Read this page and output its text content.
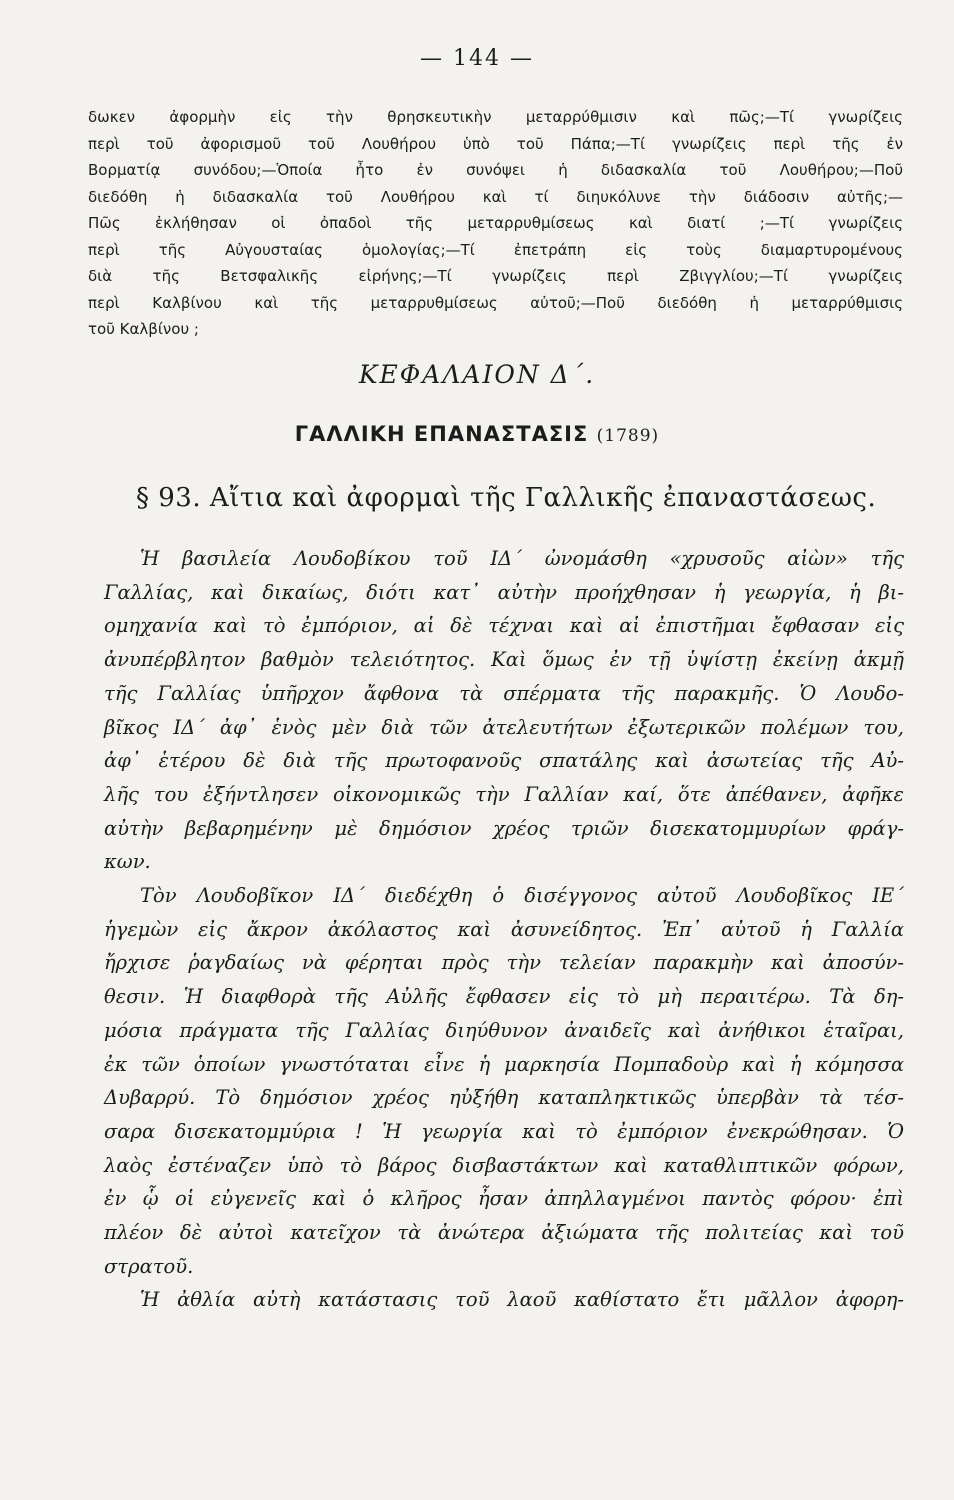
— 144 —
δωκεν ἀφορμὴν εἰς τὴν θρησκευτικὴν μεταρρύθμισιν καὶ πῶς;—Τί γνωρίζεις
περὶ τοῦ ἀφορισμοῦ τοῦ Λουθήρου ὑπὸ τοῦ Πάπα;—Τί γνωρίζεις περὶ τῆς ἐν
Βορματίᾳ συνόδου;—Ὁποία ἦτο ἐν συνόψει ἡ διδασκαλία τοῦ Λουθήρου;—Ποῦ
διεδόθη ἡ διδασκαλία τοῦ Λουθήρου καὶ τί διηυκόλυνε τὴν διάδοσιν αὐτῆς;—
Πῶς ἐκλήθησαν οἱ ὀπαδοὶ τῆς μεταρρυθμίσεως καὶ διατί ;—Τί γνωρίζεις
περὶ τῆς Αὐγουσταίας ὁμολογίας;—Τί ἐπετράπη εἰς τοὺς διαμαρτυρομένους
διὰ τῆς Βετσφαλικῆς εἰρήνης;—Τί γνωρίζεις περὶ Ζβιγγλίου;—Τί γνωρίζεις
περὶ Καλβίνου καὶ τῆς μεταρρυθμίσεως αὐτοῦ;—Ποῦ διεδόθη ἡ μεταρρύθμισις
τοῦ Καλβίνου ;
ΚΕΦΑΛΑΙΟΝ Δ΄.
ΓΑΛΛΙΚΗ ΕΠΑΝΑΣΤΑΣΙΣ (1789)
§ 93. Αἴτια καὶ ἀφορμαὶ τῆς Γαλλικῆς ἐπαναστάσεως.
Ἡ βασιλεία Λουδοβίκου τοῦ ΙΔ΄ ὠνομάσθη «χρυσοῦς αἰὼν» τῆς
Γαλλίας, καὶ δικαίως, διότι κατ᾽ αὐτὴν προήχθησαν ἡ γεωργία, ἡ βι-
ομηχανία καὶ τὸ ἐμπόριον, αἱ δὲ τέχναι καὶ αἱ ἐπιστῆμαι ἔφθασαν εἰς
ἀνυπέρβλητον βαθμὸν τελειότητος. Καὶ ὅμως ἐν τῇ ὑψίστῃ ἐκείνῃ ἀκμῇ
τῆς Γαλλίας ὑπῆρχον ἄφθονα τὰ σπέρματα τῆς παρακμῆς. Ὁ Λουδο-
βῖκος ΙΔ΄ ἀφ᾽ ἑνὸς μὲν διὰ τῶν ἀτελευτήτων ἐξωτερικῶν πολέμων του,
ἀφ᾽ ἑτέρου δὲ διὰ τῆς πρωτοφανοῦς σπατάλης καὶ ἀσωτείας τῆς Αὐ-
λῆς του ἐξήντλησεν οἰκονομικῶς τὴν Γαλλίαν καί, ὅτε ἀπέθανεν, ἀφῆκε
αὐτὴν βεβαρημένην μὲ δημόσιον χρέος τριῶν δισεκατομμυρίων φράγ-
κων.
Τὸν Λουδοβῖκον ΙΔ΄ διεδέχθη ὁ δισέγγονος αὐτοῦ Λουδοβῖκος ΙΕ΄
ἡγεμὼν εἰς ἄκρον ἀκόλαστος καὶ ἀσυνείδητος. Ἐπ᾽ αὐτοῦ ἡ Γαλλία
ἤρχισε ῥαγδαίως νὰ φέρηται πρὸς τὴν τελείαν παρακμὴν καὶ ἀποσύν-
θεσιν. Ἡ διαφθορὰ τῆς Αὐλῆς ἔφθασεν εἰς τὸ μὴ περαιτέρω. Τὰ δη-
μόσια πράγματα τῆς Γαλλίας διηύθυνον ἀναιδεῖς καὶ ἀνήθικοι ἑταῖραι,
ἐκ τῶν ὁποίων γνωστόταται εἶνε ἡ μαρκησία Πομπαδοὺρ καὶ ἡ κόμησσα
Δυβαρρύ. Τὸ δημόσιον χρέος ηὐξήθη καταπληκτικῶς ὑπερβὰν τὰ τέσ-
σαρα δισεκατομμύρια ! Ἡ γεωργία καὶ τὸ ἐμπόριον ἐνεκρώθησαν. Ὁ
λαὸς ἐστέναζεν ὑπὸ τὸ βάρος δισβαστάκτων καὶ καταθλιπτικῶν φόρων,
ἐν ᾧ οἱ εὐγενεῖς καὶ ὁ κλῆρος ἦσαν ἀπηλλαγμένοι παντὸς φόρου· ἐπὶ
πλέον δὲ αὐτοὶ κατεῖχον τὰ ἀνώτερα ἀξιώματα τῆς πολιτείας καὶ τοῦ
στρατοῦ.
Ἡ ἀθλία αὐτὴ κατάστασις τοῦ λαοῦ καθίστατο ἔτι μᾶλλον ἀφορη-
